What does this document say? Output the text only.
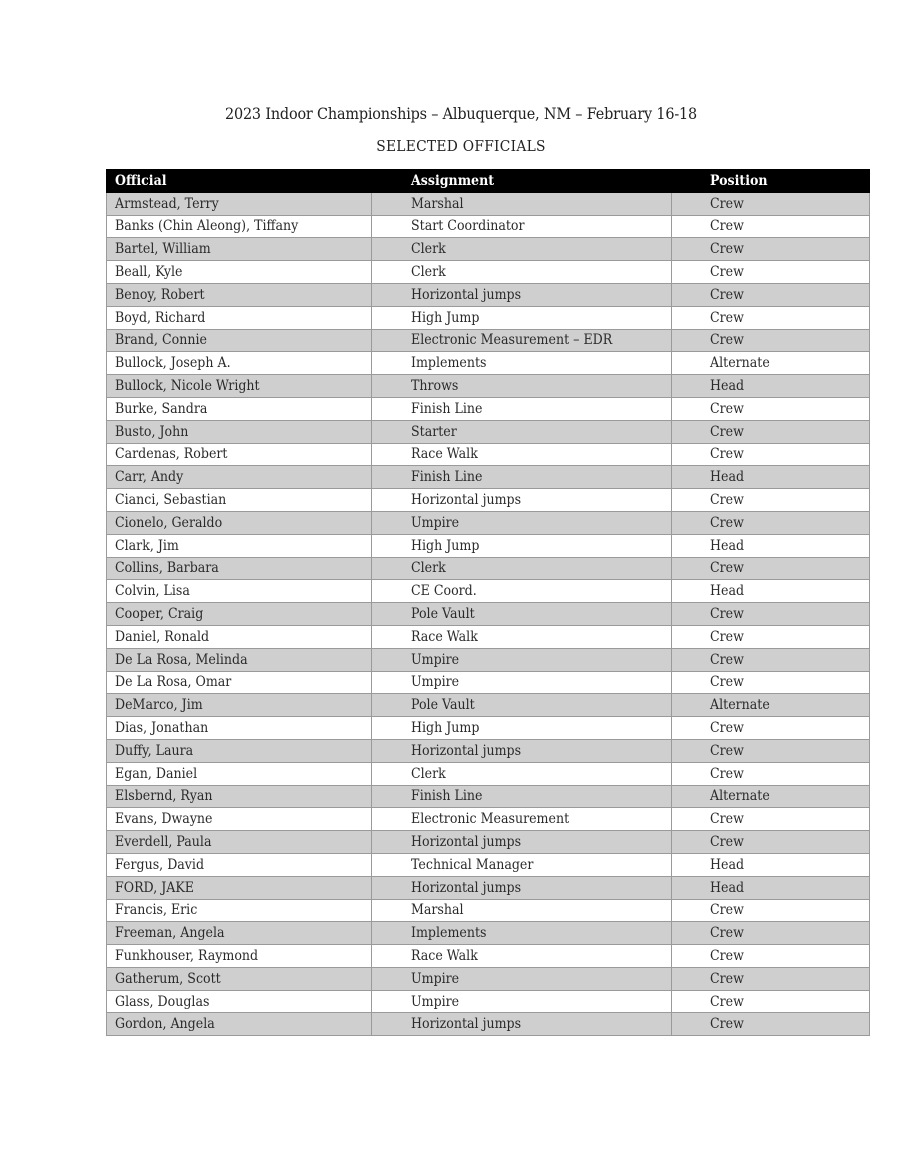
2023 Indoor Championships – Albuquerque, NM – February 16-18
SELECTED OFFICIALS
Official	Assignment	Position
Armstead, Terry	Marshal	Crew
Banks (Chin Aleong), Tiffany	Start Coordinator	Crew
Bartel, William	Clerk	Crew
Beall, Kyle	Clerk	Crew
Benoy, Robert	Horizontal jumps	Crew
Boyd, Richard	High Jump	Crew
Brand, Connie	Electronic Measurement – EDR	Crew
Bullock, Joseph A.	Implements	Alternate
Bullock, Nicole Wright	Throws	Head
Burke, Sandra	Finish Line	Crew
Busto, John	Starter	Crew
Cardenas, Robert	Race Walk	Crew
Carr, Andy	Finish Line	Head
Cianci, Sebastian	Horizontal jumps	Crew
Cionelo, Geraldo	Umpire	Crew
Clark, Jim	High Jump	Head
Collins, Barbara	Clerk	Crew
Colvin, Lisa	CE Coord.	Head
Cooper, Craig	Pole Vault	Crew
Daniel, Ronald	Race Walk	Crew
De La Rosa, Melinda	Umpire	Crew
De La Rosa, Omar	Umpire	Crew
DeMarco, Jim	Pole Vault	Alternate
Dias, Jonathan	High Jump	Crew
Duffy, Laura	Horizontal jumps	Crew
Egan, Daniel	Clerk	Crew
Elsbernd, Ryan	Finish Line	Alternate
Evans, Dwayne	Electronic Measurement	Crew
Everdell, Paula	Horizontal jumps	Crew
Fergus, David	Technical Manager	Head
FORD, JAKE	Horizontal jumps	Head
Francis, Eric	Marshal	Crew
Freeman, Angela	Implements	Crew
Funkhouser, Raymond	Race Walk	Crew
Gatherum, Scott	Umpire	Crew
Glass, Douglas	Umpire	Crew
Gordon, Angela	Horizontal jumps	Crew
